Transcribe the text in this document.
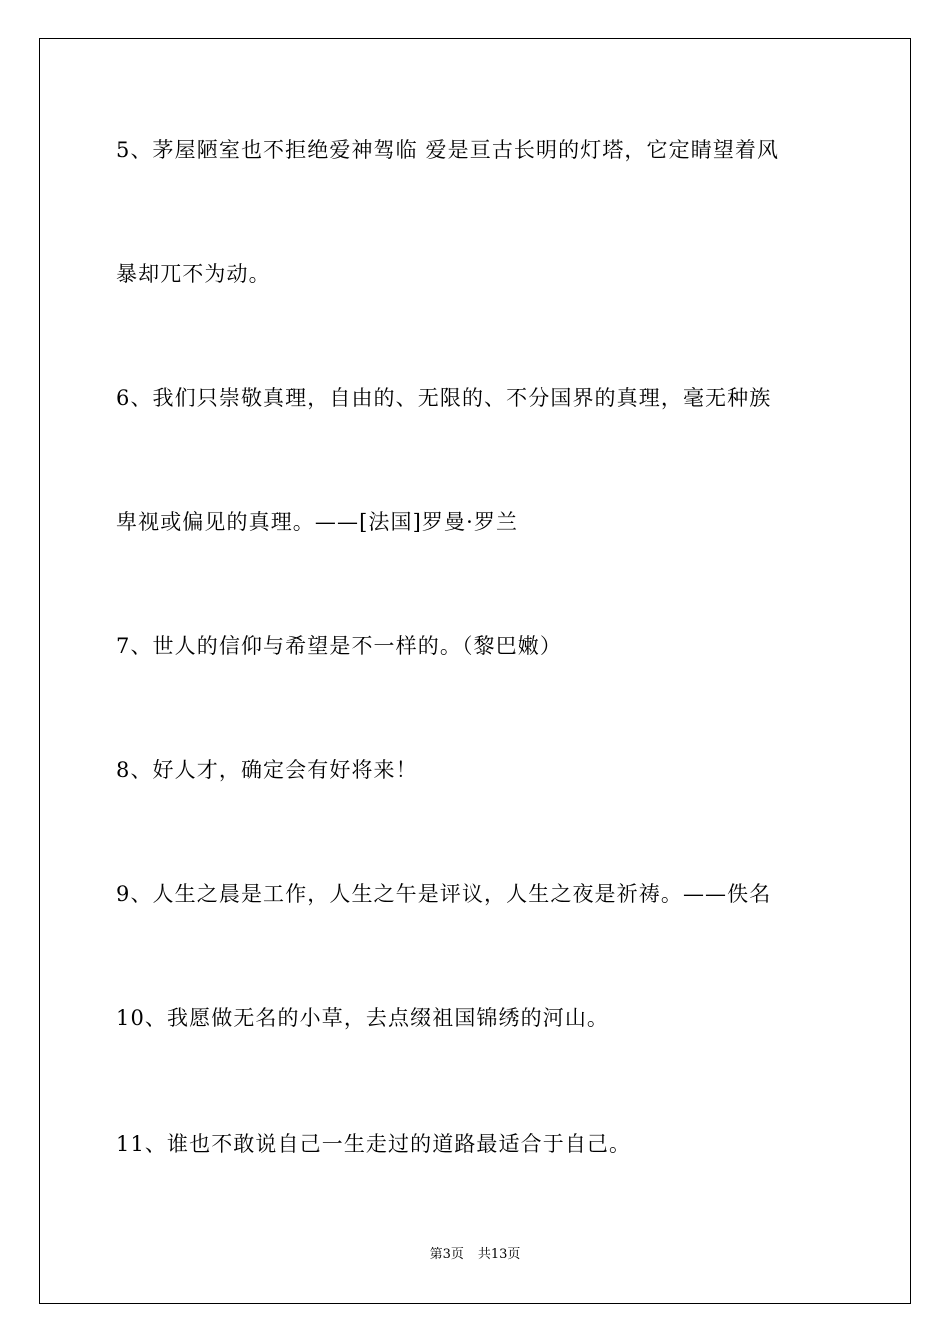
5、茅屋陋室也不拒绝爱神驾临 爱是亘古长明的灯塔，它定睛望着风
暴却兀不为动。
6、我们只崇敬真理，自由的、无限的、不分国界的真理，毫无种族
卑视或偏见的真理。——[法国]罗曼·罗兰
7、世人的信仰与希望是不一样的。（黎巴嫩）
8、好人才，确定会有好将来！
9、人生之晨是工作，人生之午是评议，人生之夜是祈祷。——佚名
10、我愿做无名的小草，去点缀祖国锦绣的河山。
11、谁也不敢说自己一生走过的道路最适合于自己。
第3页 共13页
